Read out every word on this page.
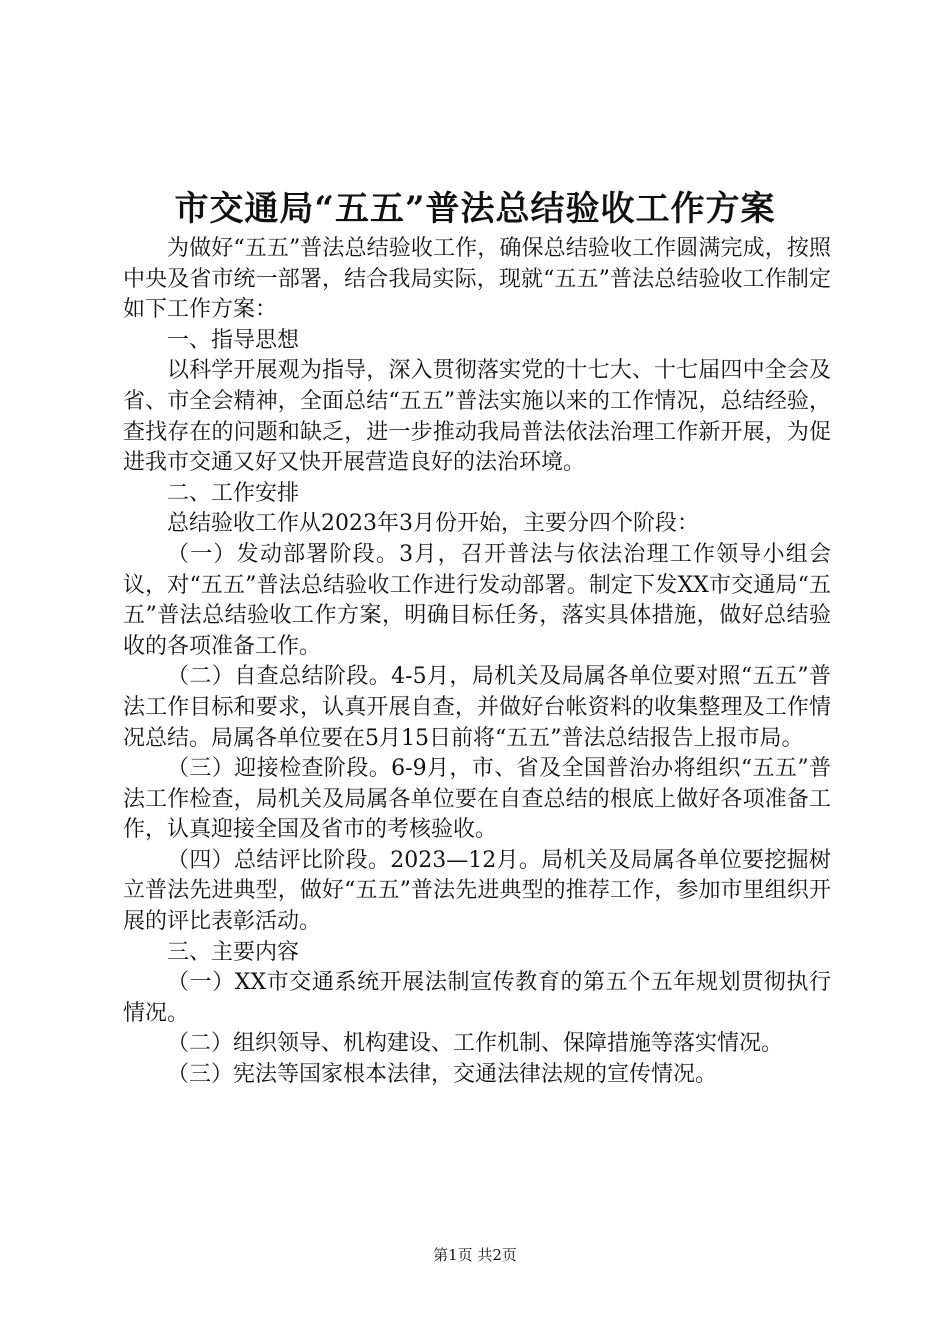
市交通局“五五”普法总结验收工作方案

为做好“五五”普法总结验收工作，确保总结验收工作圆满完成，按照中央及省市统一部署，结合我局实际，现就“五五”普法总结验收工作制定如下工作方案：

一、指导思想

以科学开展观为指导，深入贯彻落实党的十七大、十七届四中全会及省、市全会精神，全面总结“五五”普法实施以来的工作情况，总结经验，查找存在的问题和缺乏，进一步推动我局普法依法治理工作新开展，为促进我市交通又好又快开展营造良好的法治环境。

二、工作安排

总结验收工作从2023年3月份开始，主要分四个阶段：

（一）发动部署阶段。3月，召开普法与依法治理工作领导小组会议，对“五五”普法总结验收工作进行发动部署。制定下发XX市交通局“五五”普法总结验收工作方案，明确目标任务，落实具体措施，做好总结验收的各项准备工作。

（二）自查总结阶段。4-5月，局机关及局属各单位要对照“五五”普法工作目标和要求，认真开展自查，并做好台帐资料的收集整理及工作情况总结。局属各单位要在5月15日前将“五五”普法总结报告上报市局。

（三）迎接检查阶段。6-9月，市、省及全国普治办将组织“五五”普法工作检查，局机关及局属各单位要在自查总结的根底上做好各项准备工作，认真迎接全国及省市的考核验收。

（四）总结评比阶段。2023—12月。局机关及局属各单位要挖掘树立普法先进典型，做好“五五”普法先进典型的推荐工作，参加市里组织开展的评比表彰活动。

三、主要内容

（一）XX市交通系统开展法制宣传教育的第五个五年规划贯彻执行情况。

（二）组织领导、机构建设、工作机制、保障措施等落实情况。

（三）宪法等国家根本法律，交通法律法规的宣传情况。

第1页 共2页
